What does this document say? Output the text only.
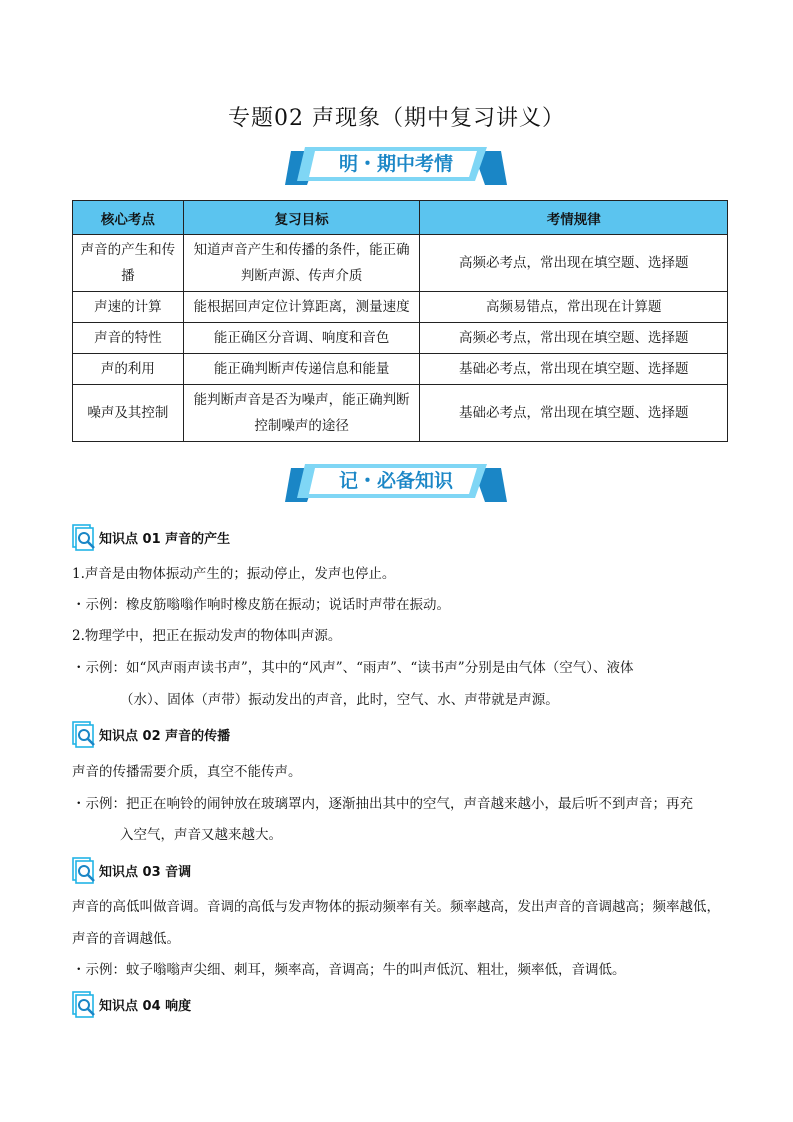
专题02 声现象（期中复习讲义）
明・期中考情
核心考点	复习目标	考情规律
声音的产生和传播	知道声音产生和传播的条件，能正确判断声源、传声介质	高频必考点，常出现在填空题、选择题
声速的计算	能根据回声定位计算距离，测量速度	高频易错点，常出现在计算题
声音的特性	能正确区分音调、响度和音色	高频必考点，常出现在填空题、选择题
声的利用	能正确判断声传递信息和能量	基础必考点，常出现在填空题、选择题
噪声及其控制	能判断声音是否为噪声，能正确判断控制噪声的途径	基础必考点，常出现在填空题、选择题
记・必备知识
知识点 01 声音的产生
1.声音是由物体振动产生的；振动停止，发声也停止。
・示例：橡皮筋嗡嗡作响时橡皮筋在振动；说话时声带在振动。
2.物理学中，把正在振动发声的物体叫声源。
・示例：如“风声雨声读书声”，其中的“风声”、“雨声”、“读书声”分别是由气体（空气）、液体
（水）、固体（声带）振动发出的声音，此时，空气、水、声带就是声源。
知识点 02 声音的传播
声音的传播需要介质，真空不能传声。
・示例：把正在响铃的闹钟放在玻璃罩内，逐渐抽出其中的空气，声音越来越小，最后听不到声音；再充
入空气，声音又越来越大。
知识点 03 音调
声音的高低叫做音调。音调的高低与发声物体的振动频率有关。频率越高，发出声音的音调越高；频率越低，声音的音调越低。
・示例：蚊子嗡嗡声尖细、刺耳，频率高，音调高；牛的叫声低沉、粗壮，频率低，音调低。
知识点 04 响度
